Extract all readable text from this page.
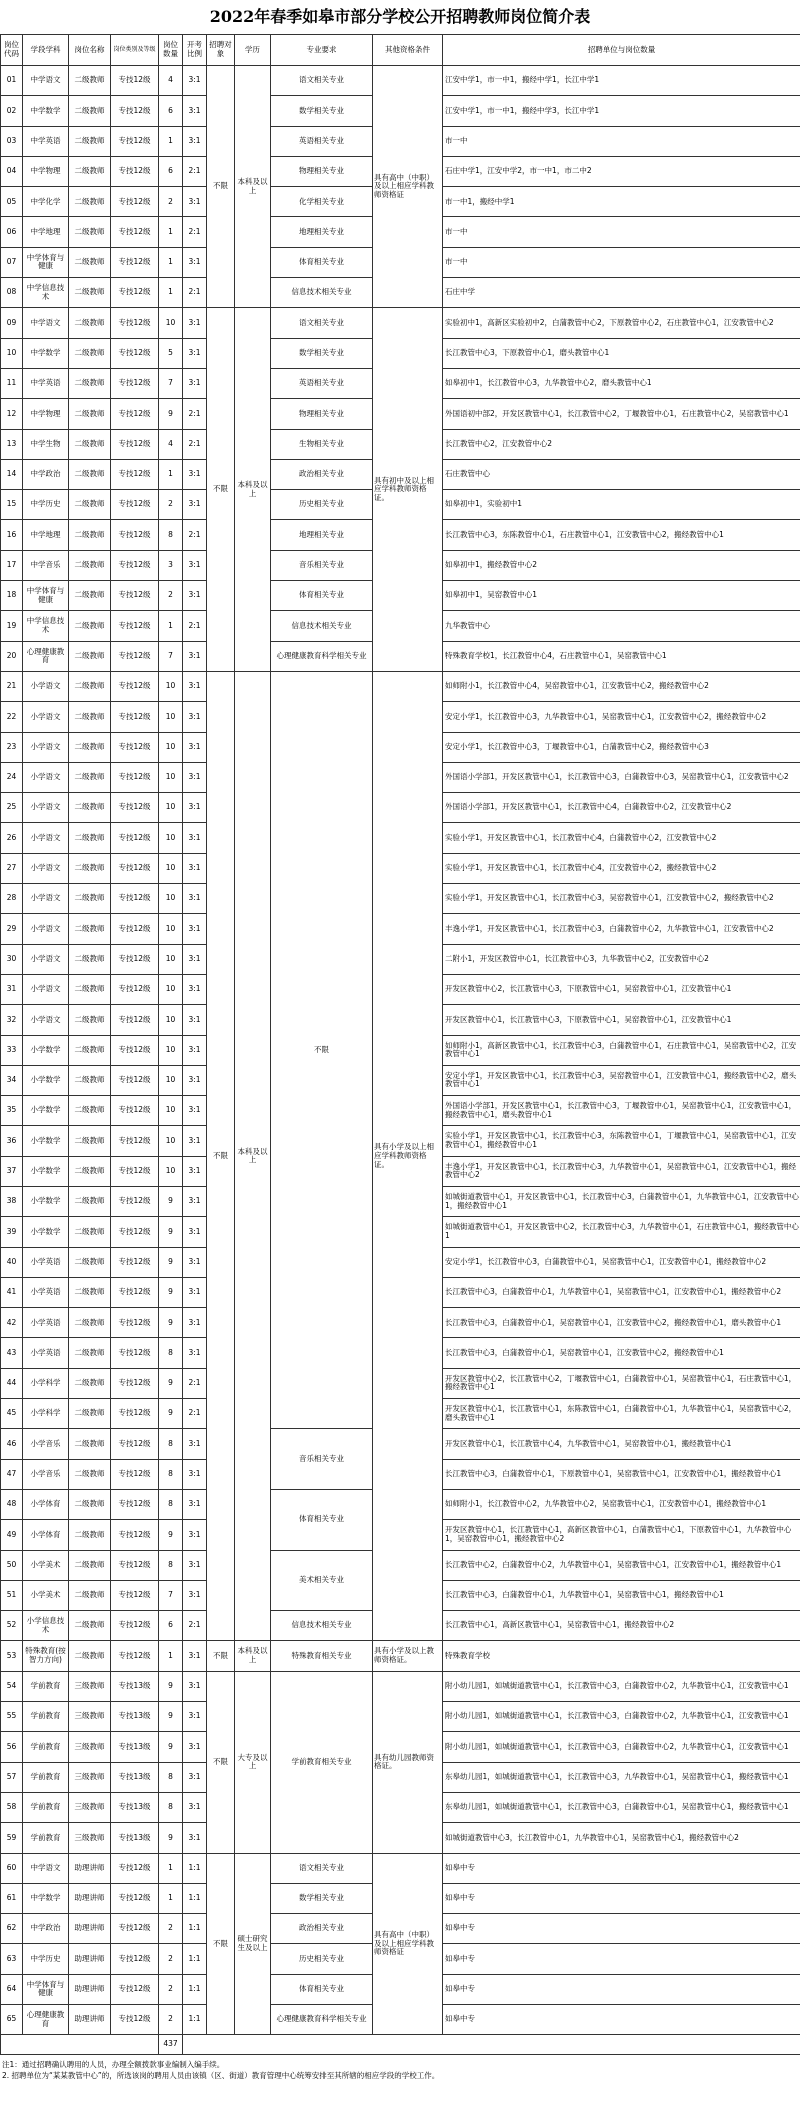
2022年春季如皋市部分学校公开招聘教师岗位简介表
岗位代码	学段学科	岗位名称	岗位类别及等级	岗位数量	开考比例	招聘对象	学历	专业要求	其他资格条件	招聘单位与岗位数量
01	中学语文	二级教师	专技12级	4	3:1	不限	本科及以上	语文相关专业	具有高中（中职）及以上相应学科教师资格证	江安中学1，市一中1，搬经中学1，长江中学1
02	中学数学	二级教师	专技12级	6	3:1			数学相关专业		江安中学1，市一中1，搬经中学3，长江中学1
03	中学英语	二级教师	专技12级	1	3:1			英语相关专业		市一中
04	中学物理	二级教师	专技12级	6	2:1			物理相关专业		石庄中学1，江安中学2，市一中1，市二中2
05	中学化学	二级教师	专技12级	2	3:1			化学相关专业		市一中1，搬经中学1
06	中学地理	二级教师	专技12级	1	2:1			地理相关专业		市一中
07	中学体育与健康	二级教师	专技12级	1	3:1			体育相关专业		市一中
08	中学信息技术	二级教师	专技12级	1	2:1			信息技术相关专业		石庄中学
09	中学语文	二级教师	专技12级	10	3:1	不限	本科及以上	语文相关专业	具有初中及以上相应学科教师资格证。	实验初中1，高新区实验初中2，白蒲教管中心2，下原教管中心2，石庄教管中心1，江安教管中心2
10	中学数学	二级教师	专技12级	5	3:1			数学相关专业		长江教管中心3，下原教管中心1，磨头教管中心1
11	中学英语	二级教师	专技12级	7	3:1			英语相关专业		如皋初中1，长江教管中心3，九华教管中心2，磨头教管中心1
12	中学物理	二级教师	专技12级	9	2:1			物理相关专业		外国语初中部2，开发区教管中心1，长江教管中心2，丁堰教管中心1，石庄教管中心2，吴窑教管中心1
13	中学生物	二级教师	专技12级	4	2:1			生物相关专业		长江教管中心2，江安教管中心2
14	中学政治	二级教师	专技12级	1	3:1			政治相关专业		石庄教管中心
15	中学历史	二级教师	专技12级	2	3:1			历史相关专业		如皋初中1，实验初中1
16	中学地理	二级教师	专技12级	8	2:1			地理相关专业		长江教管中心3，东陈教管中心1，石庄教管中心1，江安教管中心2，搬经教管中心1
17	中学音乐	二级教师	专技12级	3	3:1			音乐相关专业		如皋初中1，搬经教管中心2
18	中学体育与健康	二级教师	专技12级	2	3:1			体育相关专业		如皋初中1，吴窑教管中心1
19	中学信息技术	二级教师	专技12级	1	2:1			信息技术相关专业		九华教管中心
20	心理健康教育	二级教师	专技12级	7	3:1			心理健康教育科学相关专业		特殊教育学校1，长江教管中心4，石庄教管中心1，吴窑教管中心1
21	小学语文	二级教师	专技12级	10	3:1	不限	本科及以上	不限	具有小学及以上相应学科教师资格证。	如师附小1，长江教管中心4，吴窑教管中心1，江安教管中心2，搬经教管中心2
22	小学语文	二级教师	专技12级	10	3:1					安定小学1，长江教管中心3，九华教管中心1，吴窑教管中心1，江安教管中心2，搬经教管中心2
23	小学语文	二级教师	专技12级	10	3:1					安定小学1，长江教管中心3，丁堰教管中心1，白蒲教管中心2，搬经教管中心3
24	小学语文	二级教师	专技12级	10	3:1					外国语小学部1，开发区教管中心1，长江教管中心3，白蒲教管中心3，吴窑教管中心1，江安教管中心2
25	小学语文	二级教师	专技12级	10	3:1					外国语小学部1，开发区教管中心1，长江教管中心4，白蒲教管中心2，江安教管中心2
26	小学语文	二级教师	专技12级	10	3:1					实验小学1，开发区教管中心1，长江教管中心4，白蒲教管中心2，江安教管中心2
27	小学语文	二级教师	专技12级	10	3:1					实验小学1，开发区教管中心1，长江教管中心4，江安教管中心2，搬经教管中心2
28	小学语文	二级教师	专技12级	10	3:1					实验小学1，开发区教管中心1，长江教管中心3，吴窑教管中心1，江安教管中心2，搬经教管中心2
29	小学语文	二级教师	专技12级	10	3:1					丰逸小学1，开发区教管中心1，长江教管中心3，白蒲教管中心2，九华教管中心1，江安教管中心2
30	小学语文	二级教师	专技12级	10	3:1					二附小1，开发区教管中心1，长江教管中心3，九华教管中心2，江安教管中心2
31	小学语文	二级教师	专技12级	10	3:1					开发区教管中心2，长江教管中心3，下原教管中心1，吴窑教管中心1，江安教管中心1
32	小学语文	二级教师	专技12级	10	3:1					开发区教管中心1，长江教管中心3，下原教管中心1，吴窑教管中心1，江安教管中心1
33	小学数学	二级教师	专技12级	10	3:1					如师附小1，高新区教管中心1，长江教管中心3，白蒲教管中心1，石庄教管中心1，吴窑教管中心2，江安教管中心1
34	小学数学	二级教师	专技12级	10	3:1					安定小学1，开发区教管中心1，长江教管中心3，吴窑教管中心1，江安教管中心1，搬经教管中心2，磨头教管中心1
35	小学数学	二级教师	专技12级	10	3:1					外国语小学部1，开发区教管中心1，长江教管中心3，丁堰教管中心1，吴窑教管中心1，江安教管中心1，搬经教管中心1，磨头教管中心1
36	小学数学	二级教师	专技12级	10	3:1					实验小学1，开发区教管中心1，长江教管中心3，东陈教管中心1，丁堰教管中心1，吴窑教管中心1，江安教管中心1，搬经教管中心1
37	小学数学	二级教师	专技12级	10	3:1					丰逸小学1，开发区教管中心1，长江教管中心3，九华教管中心1，吴窑教管中心1，江安教管中心1，搬经教管中心2
38	小学数学	二级教师	专技12级	9	3:1					如城街道教管中心1，开发区教管中心1，长江教管中心3，白蒲教管中心1，九华教管中心1，江安教管中心1，搬经教管中心1
39	小学数学	二级教师	专技12级	9	3:1					如城街道教管中心1，开发区教管中心2，长江教管中心3，九华教管中心1，石庄教管中心1，搬经教管中心1
40	小学英语	二级教师	专技12级	9	3:1					安定小学1，长江教管中心3，白蒲教管中心1，吴窑教管中心1，江安教管中心1，搬经教管中心2
41	小学英语	二级教师	专技12级	9	3:1					长江教管中心3，白蒲教管中心1，九华教管中心1，吴窑教管中心1，江安教管中心1，搬经教管中心2
42	小学英语	二级教师	专技12级	9	3:1					长江教管中心3，白蒲教管中心1，吴窑教管中心1，江安教管中心2，搬经教管中心1，磨头教管中心1
43	小学英语	二级教师	专技12级	8	3:1					长江教管中心3，白蒲教管中心1，吴窑教管中心1，江安教管中心2，搬经教管中心1
44	小学科学	二级教师	专技12级	9	2:1					开发区教管中心2，长江教管中心2，丁堰教管中心1，白蒲教管中心1，吴窑教管中心1，石庄教管中心1，搬经教管中心1
45	小学科学	二级教师	专技12级	9	2:1					开发区教管中心1，长江教管中心1，东陈教管中心1，白蒲教管中心1，九华教管中心1，吴窑教管中心2，磨头教管中心1
46	小学音乐	二级教师	专技12级	8	3:1			音乐相关专业		开发区教管中心1，长江教管中心4，九华教管中心1，吴窑教管中心1，搬经教管中心1
47	小学音乐	二级教师	专技12级	8	3:1					长江教管中心3，白蒲教管中心1，下原教管中心1，吴窑教管中心1，江安教管中心1，搬经教管中心1
48	小学体育	二级教师	专技12级	8	3:1			体育相关专业		如师附小1，长江教管中心2，九华教管中心2，吴窑教管中心1，江安教管中心1，搬经教管中心1
49	小学体育	二级教师	专技12级	9	3:1					开发区教管中心1，长江教管中心1，高新区教管中心1，白蒲教管中心1，下原教管中心1，九华教管中心1，吴窑教管中心1，搬经教管中心2
50	小学美术	二级教师	专技12级	8	3:1			美术相关专业		长江教管中心2，白蒲教管中心2，九华教管中心1，吴窑教管中心1，江安教管中心1，搬经教管中心1
51	小学美术	二级教师	专技12级	7	3:1					长江教管中心3，白蒲教管中心1，九华教管中心1，吴窑教管中心1，搬经教管中心1
52	小学信息技术	二级教师	专技12级	6	2:1			信息技术相关专业		长江教管中心1，高新区教管中心1，吴窑教管中心1，搬经教管中心2
53	特殊教育(按智力方向)	二级教师	专技12级	1	3:1	不限	本科及以上	特殊教育相关专业	具有小学及以上教师资格证。	特殊教育学校
54	学前教育	三级教师	专技13级	9	3:1	不限	大专及以上	学前教育相关专业	具有幼儿园教师资格证。	附小幼儿园1，如城街道教管中心1，长江教管中心3，白蒲教管中心2，九华教管中心1，江安教管中心1
55	学前教育	三级教师	专技13级	9	3:1					附小幼儿园1，如城街道教管中心1，长江教管中心3，白蒲教管中心2，九华教管中心1，江安教管中心1
56	学前教育	三级教师	专技13级	9	3:1					附小幼儿园1，如城街道教管中心1，长江教管中心3，白蒲教管中心2，九华教管中心1，江安教管中心1
57	学前教育	三级教师	专技13级	8	3:1					东皋幼儿园1，如城街道教管中心1，长江教管中心3，九华教管中心1，吴窑教管中心1，搬经教管中心1
58	学前教育	三级教师	专技13级	8	3:1					东皋幼儿园1，如城街道教管中心1，长江教管中心3，白蒲教管中心1，吴窑教管中心1，搬经教管中心1
59	学前教育	三级教师	专技13级	9	3:1					如城街道教管中心3，长江教管中心1，九华教管中心1，吴窑教管中心1，搬经教管中心2
60	中学语文	助理讲师	专技12级	1	1:1	不限	硕士研究生及以上	语文相关专业	具有高中（中职）及以上相应学科教师资格证	如皋中专
61	中学数学	助理讲师	专技12级	1	1:1			数学相关专业		如皋中专
62	中学政治	助理讲师	专技12级	2	1:1			政治相关专业		如皋中专
63	中学历史	助理讲师	专技12级	2	1:1			历史相关专业		如皋中专
64	中学体育与健康	助理讲师	专技12级	2	1:1			体育相关专业		如皋中专
65	心理健康教育	助理讲师	专技12级	2	1:1			心理健康教育科学相关专业		如皋中专
				437						
注1：通过招聘确认聘用的人员，办理全额拨款事业编制入编手续。
2. 招聘单位为“某某教管中心”的，所选该岗的聘用人员由该镇（区、街道）教育管理中心统筹安排至其所辖的相应学段的学校工作。
